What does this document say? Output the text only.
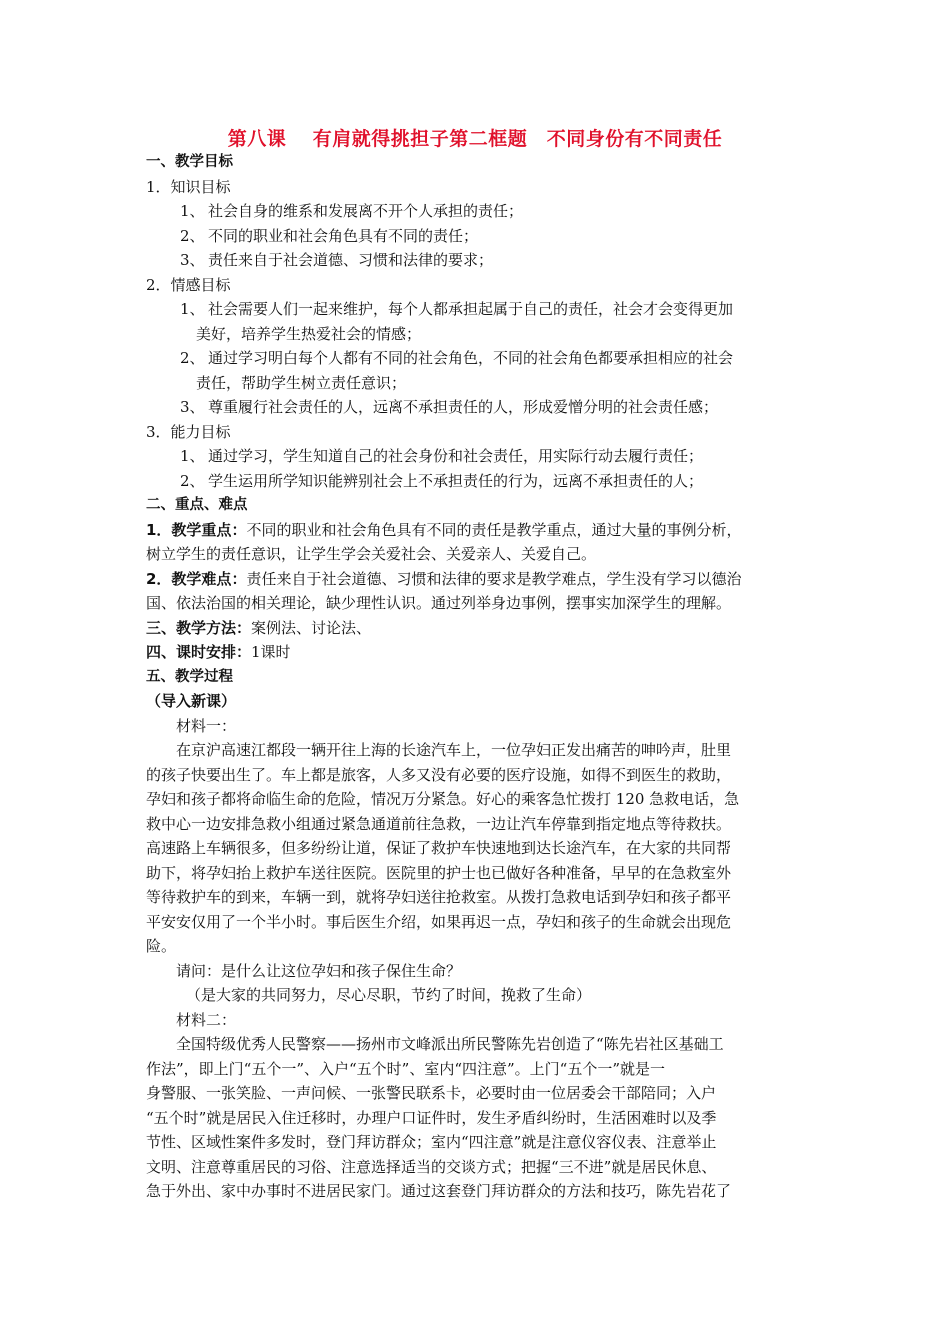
第八课　 有肩就得挑担子第二框题　不同身份有不同责任
一、教学目标
1．知识目标
1、 社会自身的维系和发展离不开个人承担的责任；
2、 不同的职业和社会角色具有不同的责任；
3、 责任来自于社会道德、习惯和法律的要求；
2．情感目标
1、 社会需要人们一起来维护，每个人都承担起属于自己的责任，社会才会变得更加
美好，培养学生热爱社会的情感；
2、 通过学习明白每个人都有不同的社会角色，不同的社会角色都要承担相应的社会
责任，帮助学生树立责任意识；
3、 尊重履行社会责任的人，远离不承担责任的人，形成爱憎分明的社会责任感；
3．能力目标
1、 通过学习，学生知道自己的社会身份和社会责任，用实际行动去履行责任；
2、 学生运用所学知识能辨别社会上不承担责任的行为，远离不承担责任的人；
二、重点、难点
1．教学重点：不同的职业和社会角色具有不同的责任是教学重点，通过大量的事例分析，
树立学生的责任意识，让学生学会关爱社会、关爱亲人、关爱自己。
2．教学难点：责任来自于社会道德、习惯和法律的要求是教学难点，学生没有学习以德治
国、依法治国的相关理论，缺少理性认识。通过列举身边事例，摆事实加深学生的理解。
三、教学方法：案例法、讨论法、
四、课时安排：1课时
五、教学过程
（导入新课）
材料一：
在京沪高速江都段一辆开往上海的长途汽车上，一位孕妇正发出痛苦的呻吟声，肚里
的孩子快要出生了。车上都是旅客，人多又没有必要的医疗设施，如得不到医生的救助，
孕妇和孩子都将命临生命的危险，情况万分紧急。好心的乘客急忙拨打 120 急救电话，急
救中心一边安排急救小组通过紧急通道前往急救，一边让汽车停靠到指定地点等待救扶。
高速路上车辆很多，但多纷纷让道，保证了救护车快速地到达长途汽车，在大家的共同帮
助下，将孕妇抬上救护车送往医院。医院里的护士也已做好各种准备，早早的在急救室外
等待救护车的到来，车辆一到，就将孕妇送往抢救室。从拨打急救电话到孕妇和孩子都平
平安安仅用了一个半小时。事后医生介绍，如果再迟一点，孕妇和孩子的生命就会出现危
险。
请问：是什么让这位孕妇和孩子保住生命？
（是大家的共同努力，尽心尽职，节约了时间，挽救了生命）
材料二：
全国特级优秀人民警察——扬州市文峰派出所民警陈先岩创造了“陈先岩社区基础工
作法”，即上门“五个一”、入户“五个时”、室内“四注意”。上门“五个一”就是一
身警服、一张笑脸、一声问候、一张警民联系卡，必要时由一位居委会干部陪同；入户
“五个时”就是居民入住迁移时，办理户口证件时，发生矛盾纠纷时，生活困难时以及季
节性、区域性案件多发时，登门拜访群众；室内“四注意”就是注意仪容仪表、注意举止
文明、注意尊重居民的习俗、注意选择适当的交谈方式；把握“三不进”就是居民休息、
急于外出、家中办事时不进居民家门。通过这套登门拜访群众的方法和技巧，陈先岩花了
